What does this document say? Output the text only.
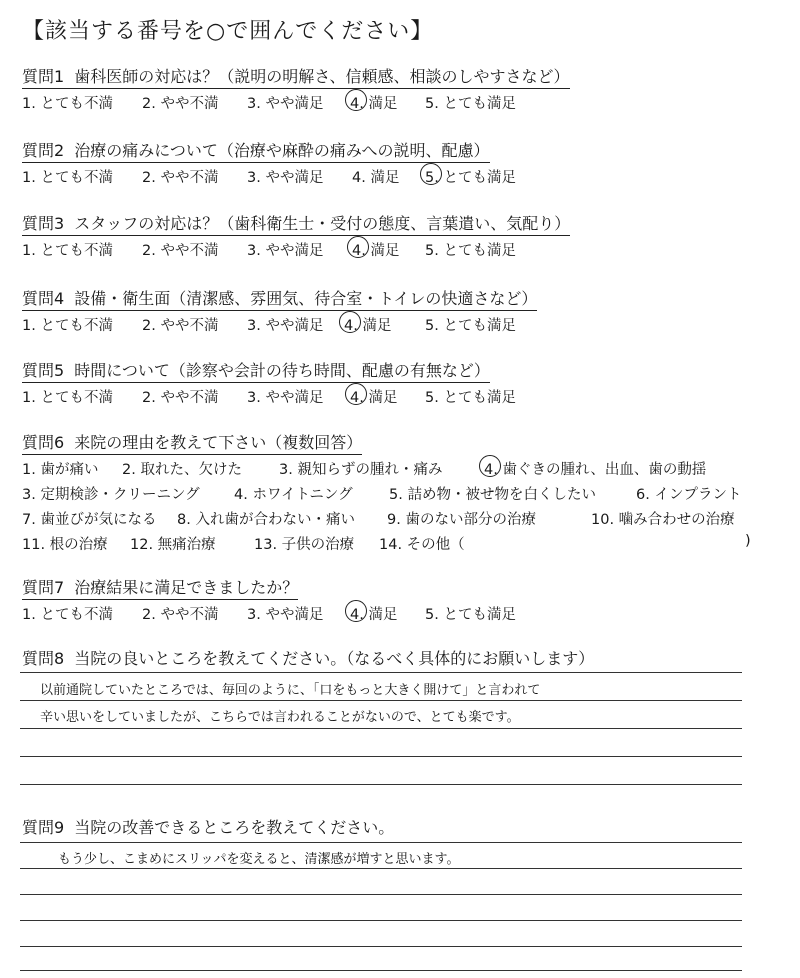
【該当する番号を○で囲んでください】
質問1 歯科医師の対応は？（説明の明解さ、信頼感、相談のしやすさなど）
1. とても不満 2. やや不満 3. やや満足 4. 満足 5. とても満足
質問2 治療の痛みについて（治療や麻酔の痛みへの説明、配慮）
1. とても不満 2. やや不満 3. やや満足 4. 満足 5. とても満足
質問3 スタッフの対応は？（歯科衛生士・受付の態度、言葉遣い、気配り）
1. とても不満 2. やや不満 3. やや満足 4. 満足 5. とても満足
質問4 設備・衛生面（清潔感、雰囲気、待合室・トイレの快適さなど）
1. とても不満 2. やや不満 3. やや満足 4. 満足 5. とても満足
質問5 時間について（診察や会計の待ち時間、配慮の有無など）
1. とても不満 2. やや不満 3. やや満足 4. 満足 5. とても満足
質問6 来院の理由を教えて下さい（複数回答）
1. 歯が痛い 2. 取れた、欠けた	3. 親知らずの腫れ・痛み	4. 歯ぐきの腫れ、出血、歯の動揺
3. 定期検診・クリーニング 4. ホワイトニング	5. 詰め物・被せ物を白くしたい	6. インプラント
7. 歯並びが気になる 8. 入れ歯が合わない・痛い 9. 歯のない部分の治療	10. 噛み合わせの治療
11. 根の治療 12. 無痛治療	13. 子供の治療 14. その他（	)
質問7 治療結果に満足できましたか？
1. とても不満 2. やや不満 3. やや満足 4. 満足 5. とても満足
質問8 当院の良いところを教えてください。（なるべく具体的にお願いします）
以前通院していたところでは、毎回のように、「口をもっと大きく開けて」と言われて
辛い思いをしていましたが、こちらでは言われることがないので、とても楽です。
質問9 当院の改善できるところを教えてください。
もう少し、こまめにスリッパを変えると、清潔感が増すと思います。
